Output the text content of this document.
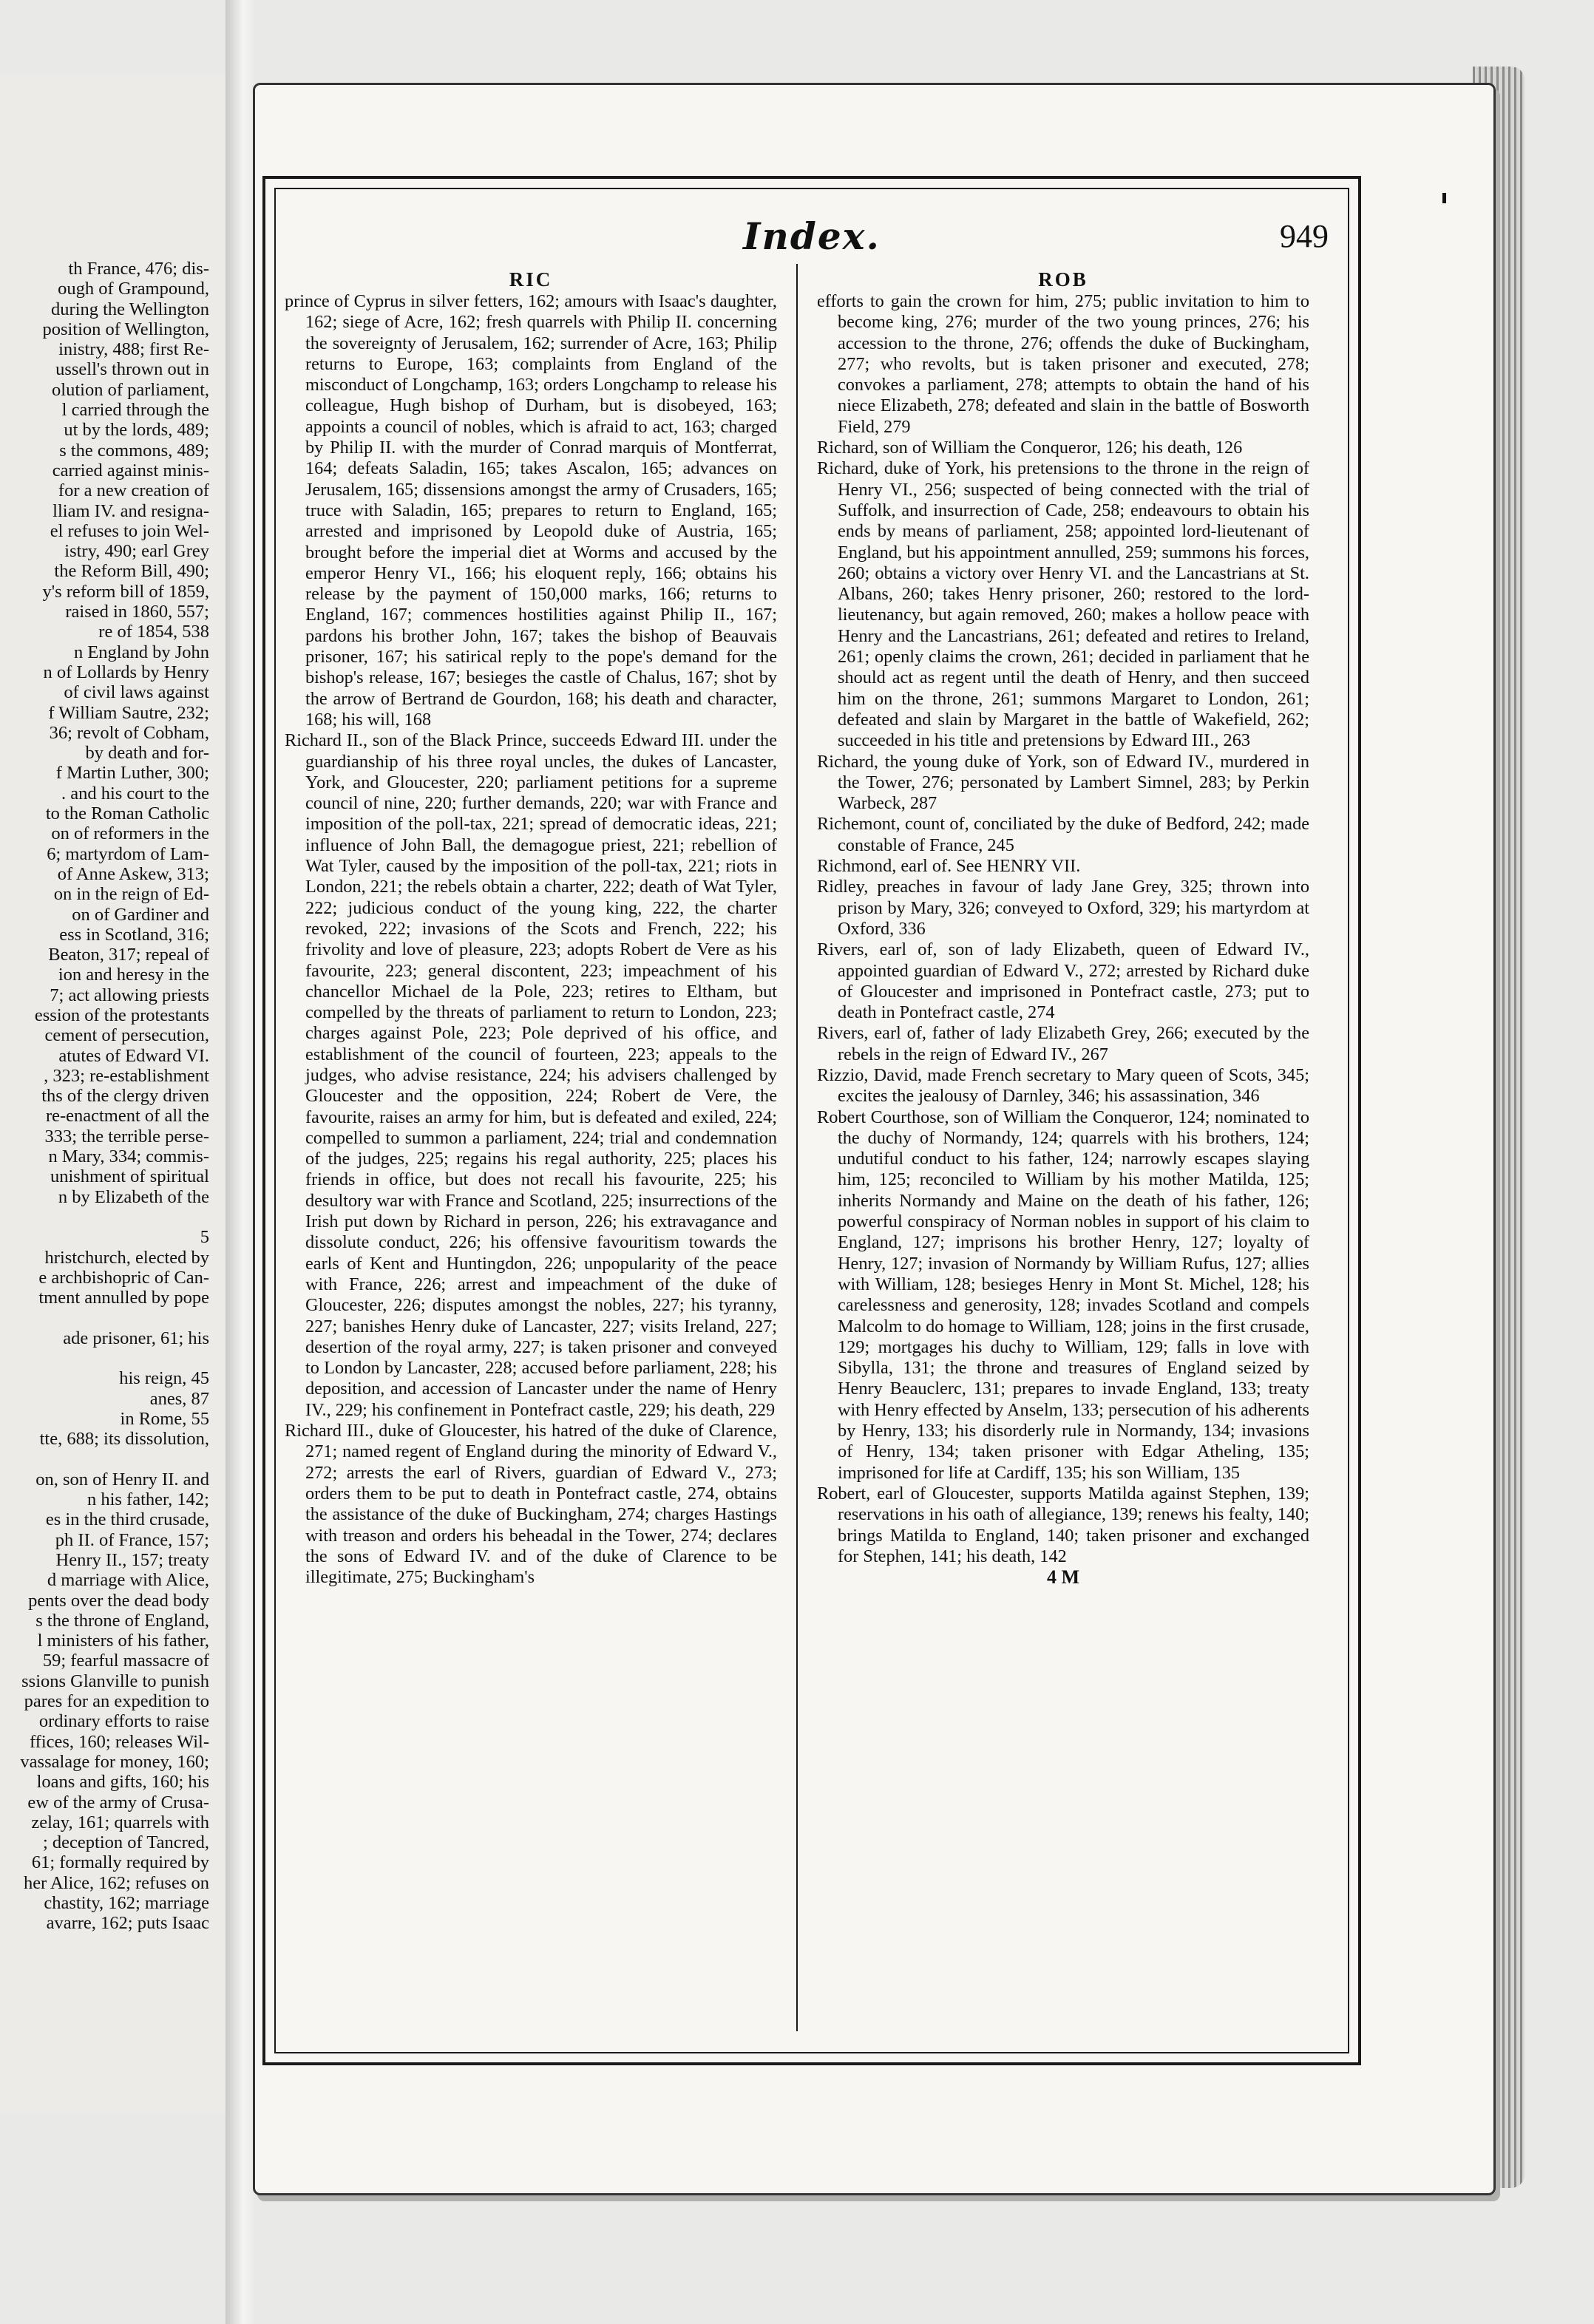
th France, 476; dis-
ough of Grampound,
during the Wellington
position of Wellington,
inistry, 488; first Re-
ussell's thrown out in
olution of parliament,
l carried through the
ut by the lords, 489;
s the commons, 489;
carried against minis-
for a new creation of
lliam IV. and resigna-
el refuses to join Wel-
istry, 490; earl Grey
the Reform Bill, 490;
y's reform bill of 1859,
raised in 1860, 557;
re of 1854, 538
n England by John
n of Lollards by Henry
of civil laws against
f William Sautre, 232;
36; revolt of Cobham,
by death and for-
f Martin Luther, 300;
. and his court to the
to the Roman Catholic
on of reformers in the
6; martyrdom of Lam-
of Anne Askew, 313;
on in the reign of Ed-
on of Gardiner and
ess in Scotland, 316;
Beaton, 317; repeal of
ion and heresy in the
7; act allowing priests
ession of the protestants
cement of persecution,
atutes of Edward VI.
, 323; re-establishment
ths of the clergy driven
re-enactment of all the
333; the terrible perse-
n Mary, 334; commis-
unishment of spiritual
n by Elizabeth of the
5
hristchurch, elected by
e archbishopric of Can-
tment annulled by pope
ade prisoner, 61; his
his reign, 45
anes, 87
in Rome, 55
tte, 688; its dissolution,
on, son of Henry II. and
n his father, 142;
es in the third crusade,
ph II. of France, 157;
Henry II., 157; treaty
d marriage with Alice,
pents over the dead body
s the throne of England,
l ministers of his father,
59; fearful massacre of
ssions Glanville to punish
pares for an expedition to
ordinary efforts to raise
ffices, 160; releases Wil-
vassalage for money, 160;
loans and gifts, 160; his
ew of the army of Crusa-
zelay, 161; quarrels with
; deception of Tancred,
61; formally required by
her Alice, 162; refuses on
chastity, 162; marriage
avarre, 162; puts Isaac
Index.	949
RIC

prince of Cyprus in silver fetters, 162; amours with Isaac's daughter, 162; siege of Acre, 162; fresh quarrels with Philip II. concerning the sovereignty of Jerusalem, 162; surrender of Acre, 163; Philip returns to Europe, 163; complaints from England of the misconduct of Longchamp, 163; orders Longchamp to release his colleague, Hugh bishop of Durham, but is disobeyed, 163; appoints a council of nobles, which is afraid to act, 163; charged by Philip II. with the murder of Conrad marquis of Montferrat, 164; defeats Saladin, 165; takes Ascalon, 165; advances on Jerusalem, 165; dissensions amongst the army of Crusaders, 165; truce with Saladin, 165; prepares to return to England, 165; arrested and imprisoned by Leopold duke of Austria, 165; brought before the imperial diet at Worms and accused by the emperor Henry VI., 166; his eloquent reply, 166; obtains his release by the payment of 150,000 marks, 166; returns to England, 167; commences hostilities against Philip II., 167; pardons his brother John, 167; takes the bishop of Beauvais prisoner, 167; his satirical reply to the pope's demand for the bishop's release, 167; besieges the castle of Chalus, 167; shot by the arrow of Bertrand de Gourdon, 168; his death and character, 168; his will, 168

Richard II., son of the Black Prince, succeeds Edward III. under the guardianship of his three royal uncles, the dukes of Lancaster, York, and Gloucester, 220; parliament petitions for a supreme council of nine, 220; further demands, 220; war with France and imposition of the poll-tax, 221; spread of democratic ideas, 221; influence of John Ball, the demagogue priest, 221; rebellion of Wat Tyler, caused by the imposition of the poll-tax, 221; riots in London, 221; the rebels obtain a charter, 222; death of Wat Tyler, 222; judicious conduct of the young king, 222, the charter revoked, 222; invasions of the Scots and French, 222; his frivolity and love of pleasure, 223; adopts Robert de Vere as his favourite, 223; general discontent, 223; impeachment of his chancellor Michael de la Pole, 223; retires to Eltham, but compelled by the threats of parliament to return to London, 223; charges against Pole, 223; Pole deprived of his office, and establishment of the council of fourteen, 223; appeals to the judges, who advise resistance, 224; his advisers challenged by Gloucester and the opposition, 224; Robert de Vere, the favourite, raises an army for him, but is defeated and exiled, 224; compelled to summon a parliament, 224; trial and condemnation of the judges, 225; regains his regal authority, 225; places his friends in office, but does not recall his favourite, 225; his desultory war with France and Scotland, 225; insurrections of the Irish put down by Richard in person, 226; his extravagance and dissolute conduct, 226; his offensive favouritism towards the earls of Kent and Huntingdon, 226; unpopularity of the peace with France, 226; arrest and impeachment of the duke of Gloucester, 226; disputes amongst the nobles, 227; his tyranny, 227; banishes Henry duke of Lancaster, 227; visits Ireland, 227; desertion of the royal army, 227; is taken prisoner and conveyed to London by Lancaster, 228; accused before parliament, 228; his deposition, and accession of Lancaster under the name of Henry IV., 229; his confinement in Pontefract castle, 229; his death, 229

Richard III., duke of Gloucester, his hatred of the duke of Clarence, 271; named regent of England during the minority of Edward V., 272; arrests the earl of Rivers, guardian of Edward V., 273; orders them to be put to death in Pontefract castle, 274, obtains the assistance of the duke of Buckingham, 274; charges Hastings with treason and orders his beheadal in the Tower, 274; declares the sons of Edward IV. and of the duke of Clarence to be illegitimate, 275; Buckingham's

ROB

efforts to gain the crown for him, 275; public invitation to him to become king, 276; murder of the two young princes, 276; his accession to the throne, 276; offends the duke of Buckingham, 277; who revolts, but is taken prisoner and executed, 278; convokes a parliament, 278; attempts to obtain the hand of his niece Elizabeth, 278; defeated and slain in the battle of Bosworth Field, 279

Richard, son of William the Conqueror, 126; his death, 126

Richard, duke of York, his pretensions to the throne in the reign of Henry VI., 256; suspected of being connected with the trial of Suffolk, and insurrection of Cade, 258; endeavours to obtain his ends by means of parliament, 258; appointed lord-lieutenant of England, but his appointment annulled, 259; summons his forces, 260; obtains a victory over Henry VI. and the Lancastrians at St. Albans, 260; takes Henry prisoner, 260; restored to the lord-lieutenancy, but again removed, 260; makes a hollow peace with Henry and the Lancastrians, 261; defeated and retires to Ireland, 261; openly claims the crown, 261; decided in parliament that he should act as regent until the death of Henry, and then succeed him on the throne, 261; summons Margaret to London, 261; defeated and slain by Margaret in the battle of Wakefield, 262; succeeded in his title and pretensions by Edward III., 263

Richard, the young duke of York, son of Edward IV., murdered in the Tower, 276; personated by Lambert Simnel, 283; by Perkin Warbeck, 287

Richemont, count of, conciliated by the duke of Bedford, 242; made constable of France, 245

Richmond, earl of. See HENRY VII.

Ridley, preaches in favour of lady Jane Grey, 325; thrown into prison by Mary, 326; conveyed to Oxford, 329; his martyrdom at Oxford, 336

Rivers, earl of, son of lady Elizabeth, queen of Edward IV., appointed guardian of Edward V., 272; arrested by Richard duke of Gloucester and imprisoned in Pontefract castle, 273; put to death in Pontefract castle, 274

Rivers, earl of, father of lady Elizabeth Grey, 266; executed by the rebels in the reign of Edward IV., 267

Rizzio, David, made French secretary to Mary queen of Scots, 345; excites the jealousy of Darnley, 346; his assassination, 346

Robert Courthose, son of William the Conqueror, 124; nominated to the duchy of Normandy, 124; quarrels with his brothers, 124; undutiful conduct to his father, 124; narrowly escapes slaying him, 125; reconciled to William by his mother Matilda, 125; inherits Normandy and Maine on the death of his father, 126; powerful conspiracy of Norman nobles in support of his claim to England, 127; imprisons his brother Henry, 127; loyalty of Henry, 127; invasion of Normandy by William Rufus, 127; allies with William, 128; besieges Henry in Mont St. Michel, 128; his carelessness and generosity, 128; invades Scotland and compels Malcolm to do homage to William, 128; joins in the first crusade, 129; mortgages his duchy to William, 129; falls in love with Sibylla, 131; the throne and treasures of England seized by Henry Beauclerc, 131; prepares to invade England, 133; treaty with Henry effected by Anselm, 133; persecution of his adherents by Henry, 133; his disorderly rule in Normandy, 134; invasions of Henry, 134; taken prisoner with Edgar Atheling, 135; imprisoned for life at Cardiff, 135; his son William, 135

Robert, earl of Gloucester, supports Matilda against Stephen, 139; reservations in his oath of allegiance, 139; renews his fealty, 140; brings Matilda to England, 140; taken prisoner and exchanged for Stephen, 141; his death, 142

4 M
